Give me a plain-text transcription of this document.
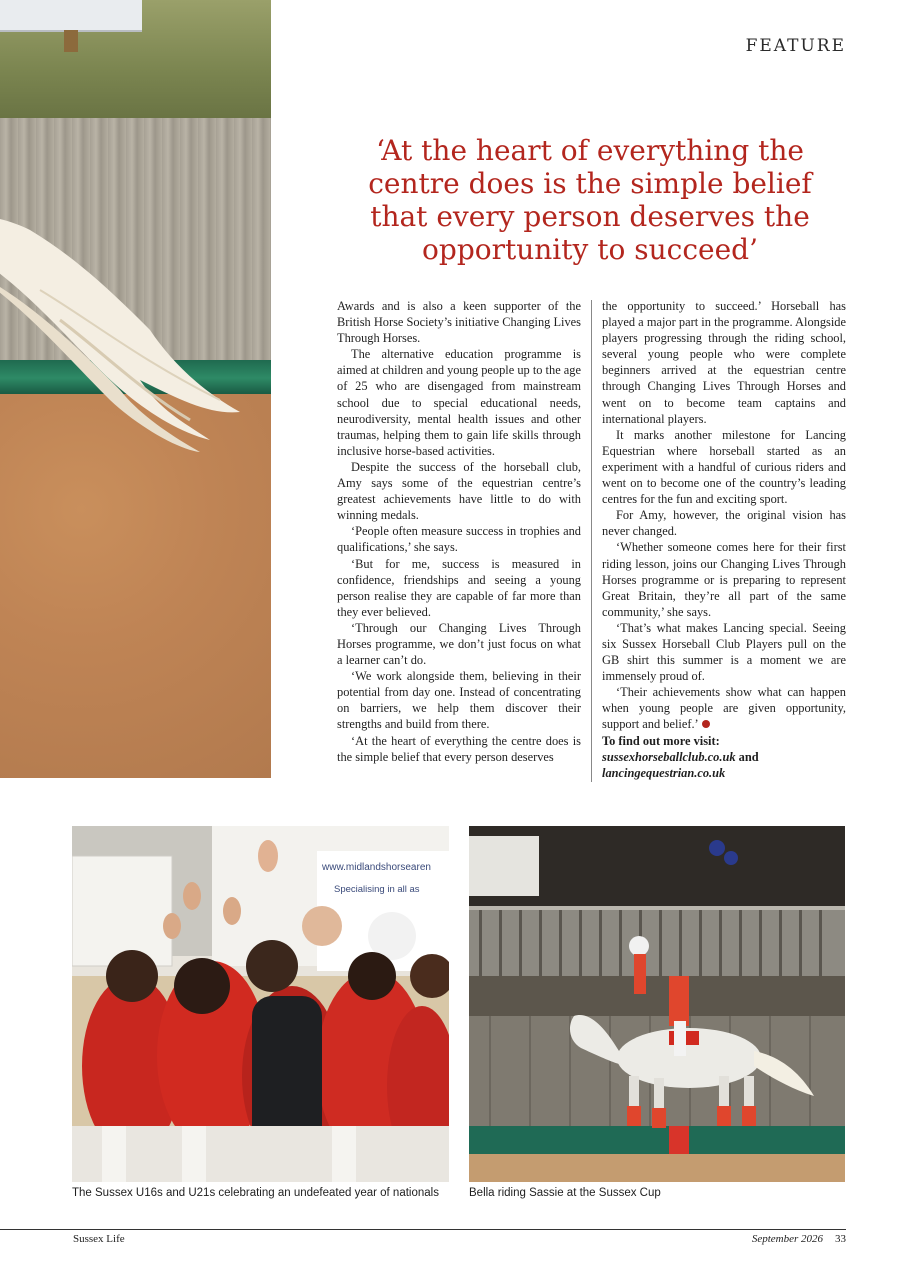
FEATURE
‘At the heart of everything the centre does is the simple belief that every person deserves the opportunity to succeed’

Awards and is also a keen supporter of the British Horse Society’s initiative Changing Lives Through Horses.

The alternative education programme is aimed at children and young people up to the age of 25 who are disengaged from mainstream school due to special educational needs, neurodiversity, mental health issues and other traumas, helping them to gain life skills through inclusive horse-based activities.

Despite the success of the horseball club, Amy says some of the equestrian centre’s greatest achievements have little to do with winning medals.

‘People often measure success in trophies and qualifications,’ she says.

‘But for me, success is measured in confidence, friendships and seeing a young person realise they are capable of far more than they ever believed.

‘Through our Changing Lives Through Horses programme, we don’t just focus on what a learner can’t do.

‘We work alongside them, believing in their potential from day one. Instead of concentrating on barriers, we help them discover their strengths and build from there.

‘At the heart of everything the centre does is the simple belief that every person deserves

the opportunity to succeed.’ Horseball has played a major part in the programme. Alongside players progressing through the riding school, several young people who were complete beginners arrived at the equestrian centre through Changing Lives Through Horses and went on to become team captains and international players.

It marks another milestone for Lancing Equestrian where horseball started as an experiment with a handful of curious riders and went on to become one of the country’s leading centres for the fun and exciting sport.

For Amy, however, the original vision has never changed.

‘Whether someone comes here for their first riding lesson, joins our Changing Lives Through Horses programme or is preparing to represent Great Britain, they’re all part of the same community,’ she says.

‘That’s what makes Lancing special. Seeing six Sussex Horseball Club Players pull on the GB shirt this summer is a moment we are immensely proud of.

‘Their achievements show what can happen when young people are given opportunity, support and belief.’

To find out more visit:

sussexhorseballclub.co.uk and

lancingequestrian.co.uk

www.midlandshorsearen
Specialising in all as
The Sussex U16s and U21s celebrating an undefeated year of nationals	Bella riding Sassie at the Sussex Cup
Sussex Life	September 2026 33
